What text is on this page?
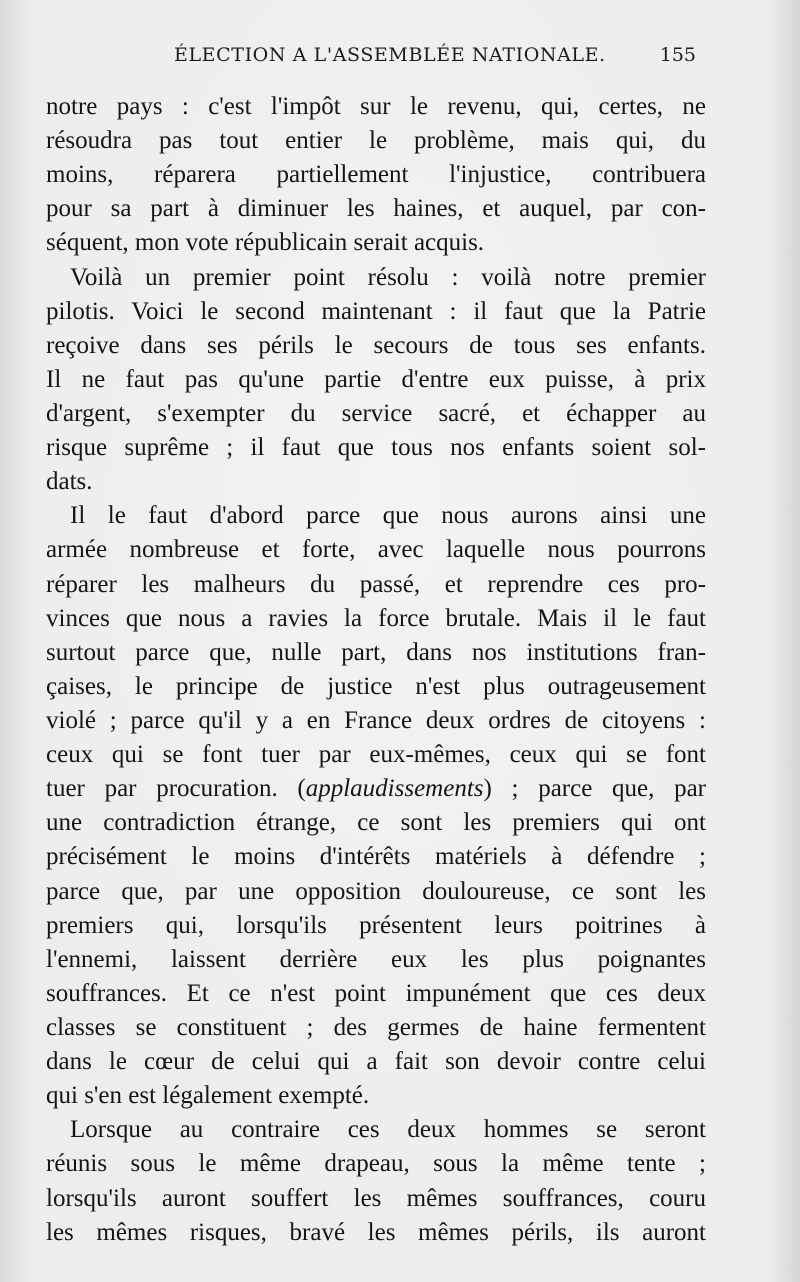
ÉLECTION A L'ASSEMBLÉE NATIONALE.	155
notre pays : c'est l'impôt sur le revenu, qui, certes, ne
résoudra pas tout entier le problème, mais qui, du
moins, réparera partiellement l'injustice, contribuera
pour sa part à diminuer les haines, et auquel, par con-
séquent, mon vote républicain serait acquis.
Voilà un premier point résolu : voilà notre premier
pilotis. Voici le second maintenant : il faut que la Patrie
reçoive dans ses périls le secours de tous ses enfants.
Il ne faut pas qu'une partie d'entre eux puisse, à prix
d'argent, s'exempter du service sacré, et échapper au
risque suprême ; il faut que tous nos enfants soient sol-
dats.
Il le faut d'abord parce que nous aurons ainsi une
armée nombreuse et forte, avec laquelle nous pourrons
réparer les malheurs du passé, et reprendre ces pro-
vinces que nous a ravies la force brutale. Mais il le faut
surtout parce que, nulle part, dans nos institutions fran-
çaises, le principe de justice n'est plus outrageusement
violé ; parce qu'il y a en France deux ordres de citoyens :
ceux qui se font tuer par eux-mêmes, ceux qui se font
tuer par procuration. (applaudissements) ; parce que, par
une contradiction étrange, ce sont les premiers qui ont
précisément le moins d'intérêts matériels à défendre ;
parce que, par une opposition douloureuse, ce sont les
premiers qui, lorsqu'ils présentent leurs poitrines à
l'ennemi, laissent derrière eux les plus poignantes
souffrances. Et ce n'est point impunément que ces deux
classes se constituent ; des germes de haine fermentent
dans le cœur de celui qui a fait son devoir contre celui
qui s'en est légalement exempté.
Lorsque au contraire ces deux hommes se seront
réunis sous le même drapeau, sous la même tente ;
lorsqu'ils auront souffert les mêmes souffrances, couru
les mêmes risques, bravé les mêmes périls, ils auront
